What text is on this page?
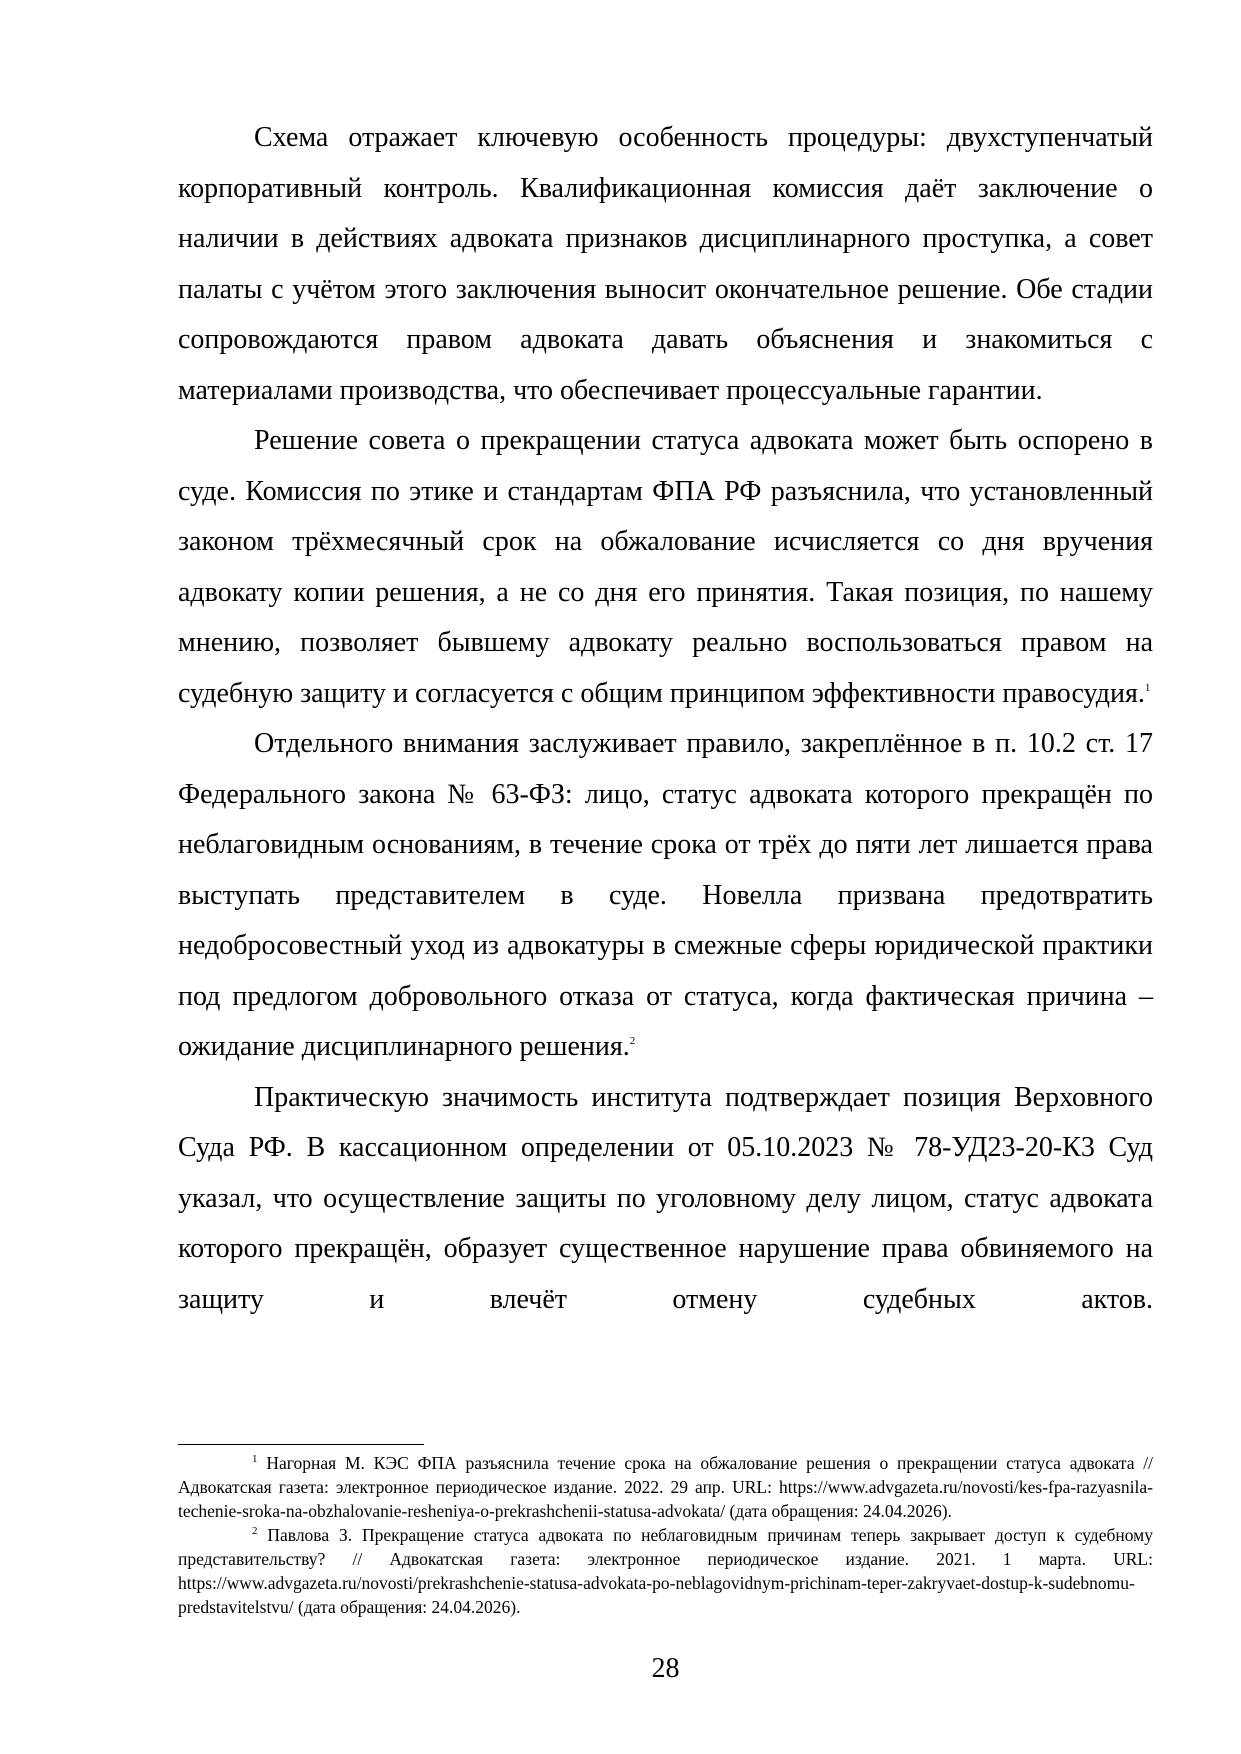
Схема отражает ключевую особенность процедуры: двухступенчатый корпоративный контроль. Квалификационная комиссия даёт заключение о наличии в действиях адвоката признаков дисциплинарного проступка, а совет палаты с учётом этого заключения выносит окончательное решение. Обе стадии сопровождаются правом адвоката давать объяснения и знакомиться с материалами производства, что обеспечивает процессуальные гарантии.

Решение совета о прекращении статуса адвоката может быть оспорено в суде. Комиссия по этике и стандартам ФПА РФ разъяснила, что установленный законом трёхмесячный срок на обжалование исчисляется со дня вручения адвокату копии решения, а не со дня его принятия. Такая позиция, по нашему мнению, позволяет бывшему адвокату реально воспользоваться правом на судебную защиту и согласуется с общим принципом эффективности правосудия.$^1$

Отдельного внимания заслуживает правило, закреплённое в п. 10.2 ст. 17 Федерального закона № 63-ФЗ: лицо, статус адвоката которого прекращён по неблаговидным основаниям, в течение срока от трёх до пяти лет лишается права выступать представителем в суде. Новелла призвана предотвратить недобросовестный уход из адвокатуры в смежные сферы юридической практики под предлогом добровольного отказа от статуса, когда фактическая причина – ожидание дисциплинарного решения.$^2$

Практическую значимость института подтверждает позиция Верховного Суда РФ. В кассационном определении от 05.10.2023 № 78-УД23-20-К3 Суд указал, что осуществление защиты по уголовному делу лицом, статус адвоката которого прекращён, образует существенное нарушение права обвиняемого на защиту и влечёт отмену судебных актов.

$^1$ Нагорная М. КЭС ФПА разъяснила течение срока на обжалование решения о прекращении статуса адвоката // Адвокатская газета: электронное периодическое издание. 2022. 29 апр. URL: https://www.advgazeta.ru/novosti/kes-fpa-razyasnila-techenie-sroka-na-obzhalovanie-resheniya-o-prekrashchenii-statusa-advokata/ (дата обращения: 24.04.2026).

$^2$ Павлова З. Прекращение статуса адвоката по неблаговидным причинам теперь закрывает доступ к судебному представительству? // Адвокатская газета: электронное периодическое издание. 2021. 1 марта. URL: https://www.advgazeta.ru/novosti/prekrashchenie-statusa-advokata-po-neblagovidnym-prichinam-teper-zakryvaet-dostup-k-sudebnomu-predstavitelstvu/ (дата обращения: 24.04.2026).

28
